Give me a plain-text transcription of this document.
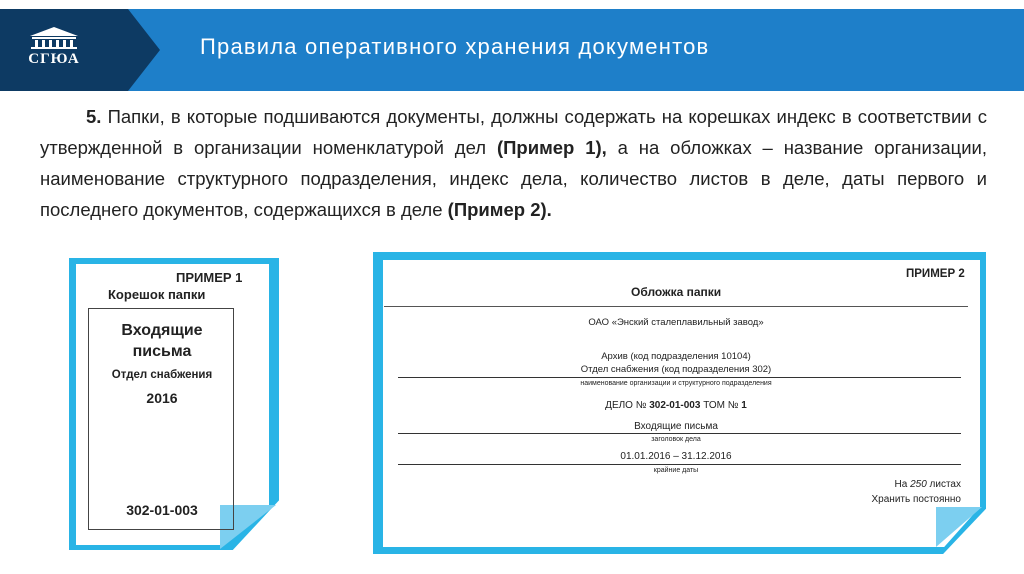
СГЮА	Правила оперативного хранения документов
5. Папки, в которые подшиваются документы, должны содержать на корешках индекс в соответствии с утвержденной в организации номенклатурой дел (Пример 1), а на обложках – название организации, наименование структурного подразделения, индекс дела, количество листов в деле, даты первого и последнего документов, содержащихся в деле (Пример 2).
ПРИМЕР 1
Корешок папки
Входящие
письма
Отдел снабжения
2016
302-01-003
ПРИМЕР 2
Обложка папки
ОАО «Энский сталеплавильный завод»
Архив (код подразделения 10104)
Отдел снабжения (код подразделения 302)
наименование организации и структурного подразделения
ДЕЛО № 302-01-003 ТОМ № 1
Входящие письма
заголовок дела
01.01.2016 – 31.12.2016
крайние даты
На 250 листах
Хранить постоянно
